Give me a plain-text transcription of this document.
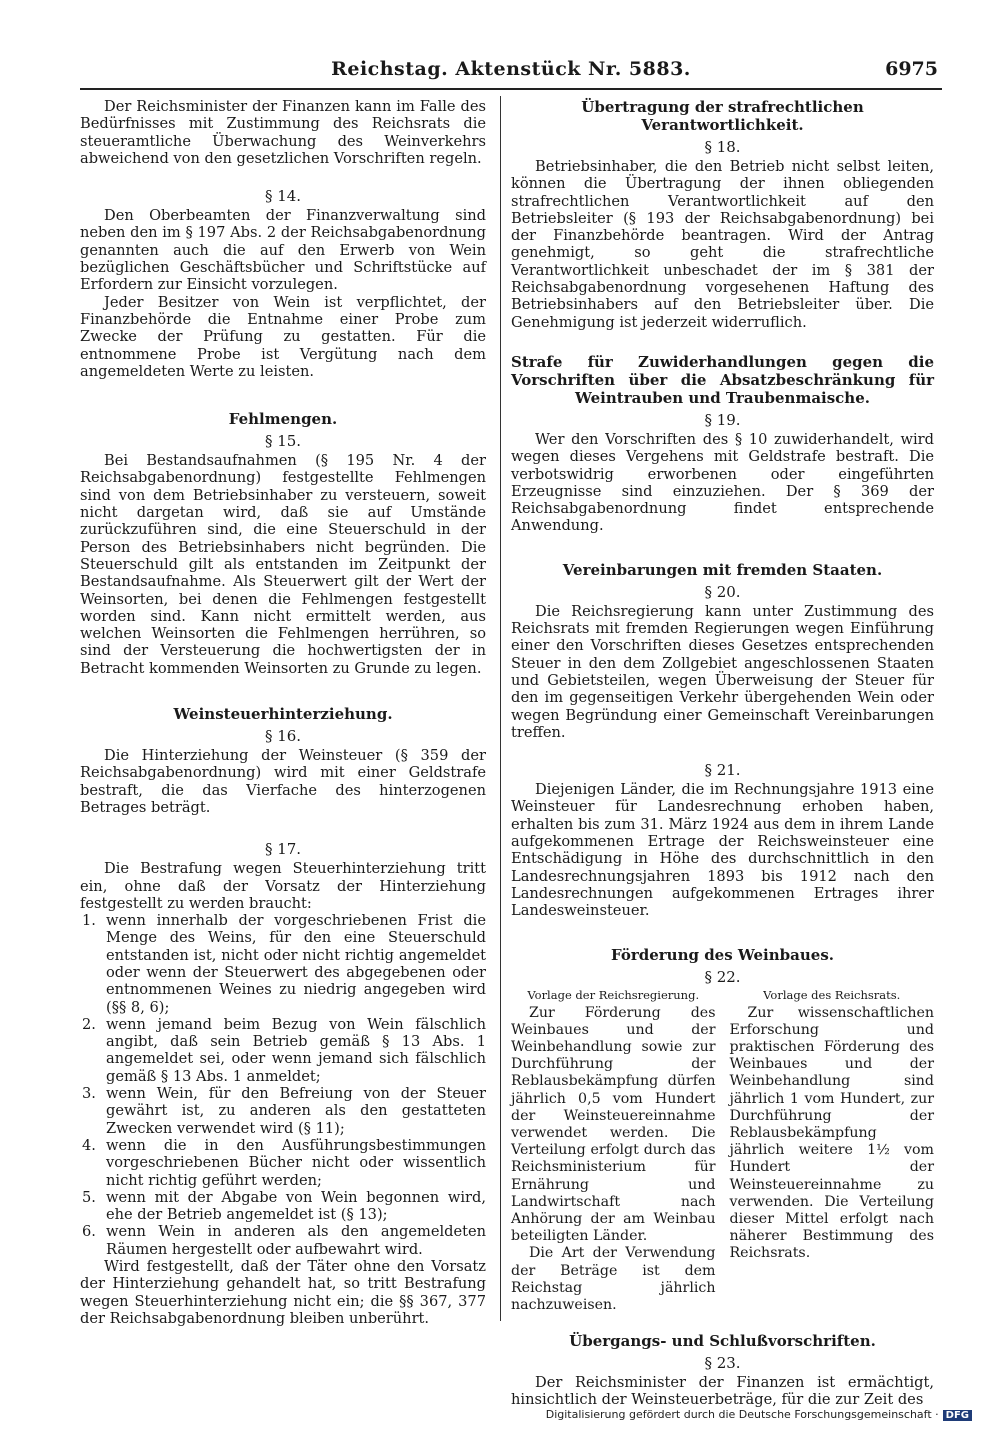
Reichstag. Aktenstück Nr. 5883.	6975

Der Reichsminister der Finanzen kann im Falle des Bedürfnisses mit Zustimmung des Reichsrats die steueramtliche Überwachung des Weinverkehrs abweichend von den gesetzlichen Vorschriften regeln.

§ 14.

Den Oberbeamten der Finanzverwaltung sind neben den im § 197 Abs. 2 der Reichsabgabenordnung genannten auch die auf den Erwerb von Wein bezüglichen Geschäftsbücher und Schriftstücke auf Erfordern zur Einsicht vorzulegen.

Jeder Besitzer von Wein ist verpflichtet, der Finanzbehörde die Entnahme einer Probe zum Zwecke der Prüfung zu gestatten. Für die entnommene Probe ist Vergütung nach dem angemeldeten Werte zu leisten.

Fehlmengen.
§ 15.

Bei Bestandsaufnahmen (§ 195 Nr. 4 der Reichsabgabenordnung) festgestellte Fehlmengen sind von dem Betriebsinhaber zu versteuern, soweit nicht dargetan wird, daß sie auf Umstände zurückzuführen sind, die eine Steuerschuld in der Person des Betriebsinhabers nicht begründen. Die Steuerschuld gilt als entstanden im Zeitpunkt der Bestandsaufnahme. Als Steuerwert gilt der Wert der Weinsorten, bei denen die Fehlmengen festgestellt worden sind. Kann nicht ermittelt werden, aus welchen Weinsorten die Fehlmengen herrühren, so sind der Versteuerung die hochwertigsten der in Betracht kommenden Weinsorten zu Grunde zu legen.

Weinsteuerhinterziehung.
§ 16.

Die Hinterziehung der Weinsteuer (§ 359 der Reichsabgabenordnung) wird mit einer Geldstrafe bestraft, die das Vierfache des hinterzogenen Betrages beträgt.

§ 17.

Die Bestrafung wegen Steuerhinterziehung tritt ein, ohne daß der Vorsatz der Hinterziehung festgestellt zu werden braucht:

1. wenn innerhalb der vorgeschriebenen Frist die Menge des Weins, für den eine Steuerschuld entstanden ist, nicht oder nicht richtig angemeldet oder wenn der Steuerwert des abgegebenen oder entnommenen Weines zu niedrig angegeben wird (§§ 8, 6);
2. wenn jemand beim Bezug von Wein fälschlich angibt, daß sein Betrieb gemäß § 13 Abs. 1 angemeldet sei, oder wenn jemand sich fälschlich gemäß § 13 Abs. 1 anmeldet;
3. wenn Wein, für den Befreiung von der Steuer gewährt ist, zu anderen als den gestatteten Zwecken verwendet wird (§ 11);
4. wenn die in den Ausführungsbestimmungen vorgeschriebenen Bücher nicht oder wissentlich nicht richtig geführt werden;
5. wenn mit der Abgabe von Wein begonnen wird, ehe der Betrieb angemeldet ist (§ 13);
6. wenn Wein in anderen als den angemeldeten Räumen hergestellt oder aufbewahrt wird.

Wird festgestellt, daß der Täter ohne den Vorsatz der Hinterziehung gehandelt hat, so tritt Bestrafung wegen Steuerhinterziehung nicht ein; die §§ 367, 377 der Reichsabgabenordnung bleiben unberührt.

Übertragung der strafrechtlichen Verantwortlichkeit.
§ 18.

Betriebsinhaber, die den Betrieb nicht selbst leiten, können die Übertragung der ihnen obliegenden strafrechtlichen Verantwortlichkeit auf den Betriebsleiter (§ 193 der Reichsabgabenordnung) bei der Finanzbehörde beantragen. Wird der Antrag genehmigt, so geht die strafrechtliche Verantwortlichkeit unbeschadet der im § 381 der Reichsabgabenordnung vorgesehenen Haftung des Betriebsinhabers auf den Betriebsleiter über. Die Genehmigung ist jederzeit widerruflich.

Strafe für Zuwiderhandlungen gegen die Vorschriften über die Absatzbeschränkung für Weintrauben und Traubenmaische.
§ 19.

Wer den Vorschriften des § 10 zuwiderhandelt, wird wegen dieses Vergehens mit Geldstrafe bestraft. Die verbotswidrig erworbenen oder eingeführten Erzeugnisse sind einzuziehen. Der § 369 der Reichsabgabenordnung findet entsprechende Anwendung.

Vereinbarungen mit fremden Staaten.
§ 20.

Die Reichsregierung kann unter Zustimmung des Reichsrats mit fremden Regierungen wegen Einführung einer den Vorschriften dieses Gesetzes entsprechenden Steuer in den dem Zollgebiet angeschlossenen Staaten und Gebietsteilen, wegen Überweisung der Steuer für den im gegenseitigen Verkehr übergehenden Wein oder wegen Begründung einer Gemeinschaft Vereinbarungen treffen.

§ 21.

Diejenigen Länder, die im Rechnungsjahre 1913 eine Weinsteuer für Landesrechnung erhoben haben, erhalten bis zum 31. März 1924 aus dem in ihrem Lande aufgekommenen Ertrage der Reichsweinsteuer eine Entschädigung in Höhe des durchschnittlich in den Landesrechnungsjahren 1893 bis 1912 nach den Landesrechnungen aufgekommenen Ertrages ihrer Landesweinsteuer.

Förderung des Weinbaues.
§ 22.
Vorlage der Reichsregierung.

Zur Förderung des Weinbaues und der Weinbehandlung sowie zur Durchführung der Reblausbekämpfung dürfen jährlich 0,5 vom Hundert der Weinsteuereinnahme verwendet werden. Die Verteilung erfolgt durch das Reichsministerium für Ernährung und Landwirtschaft nach Anhörung der am Weinbau beteiligten Länder.

Die Art der Verwendung der Beträge ist dem Reichstag jährlich nachzuweisen.

Vorlage des Reichsrats.

Zur wissenschaftlichen Erforschung und praktischen Förderung des Weinbaues und der Weinbehandlung sind jährlich 1 vom Hundert, zur Durchführung der Reblausbekämpfung jährlich weitere 1½ vom Hundert der Weinsteuereinnahme zu verwenden. Die Verteilung dieser Mittel erfolgt nach näherer Bestimmung des Reichsrats.

Übergangs- und Schlußvorschriften.
§ 23.

Der Reichsminister der Finanzen ist ermächtigt, hinsichtlich der Weinsteuerbeträge, für die zur Zeit des

Digitalisierung gefördert durch die Deutsche Forschungsgemeinschaft · DFG
